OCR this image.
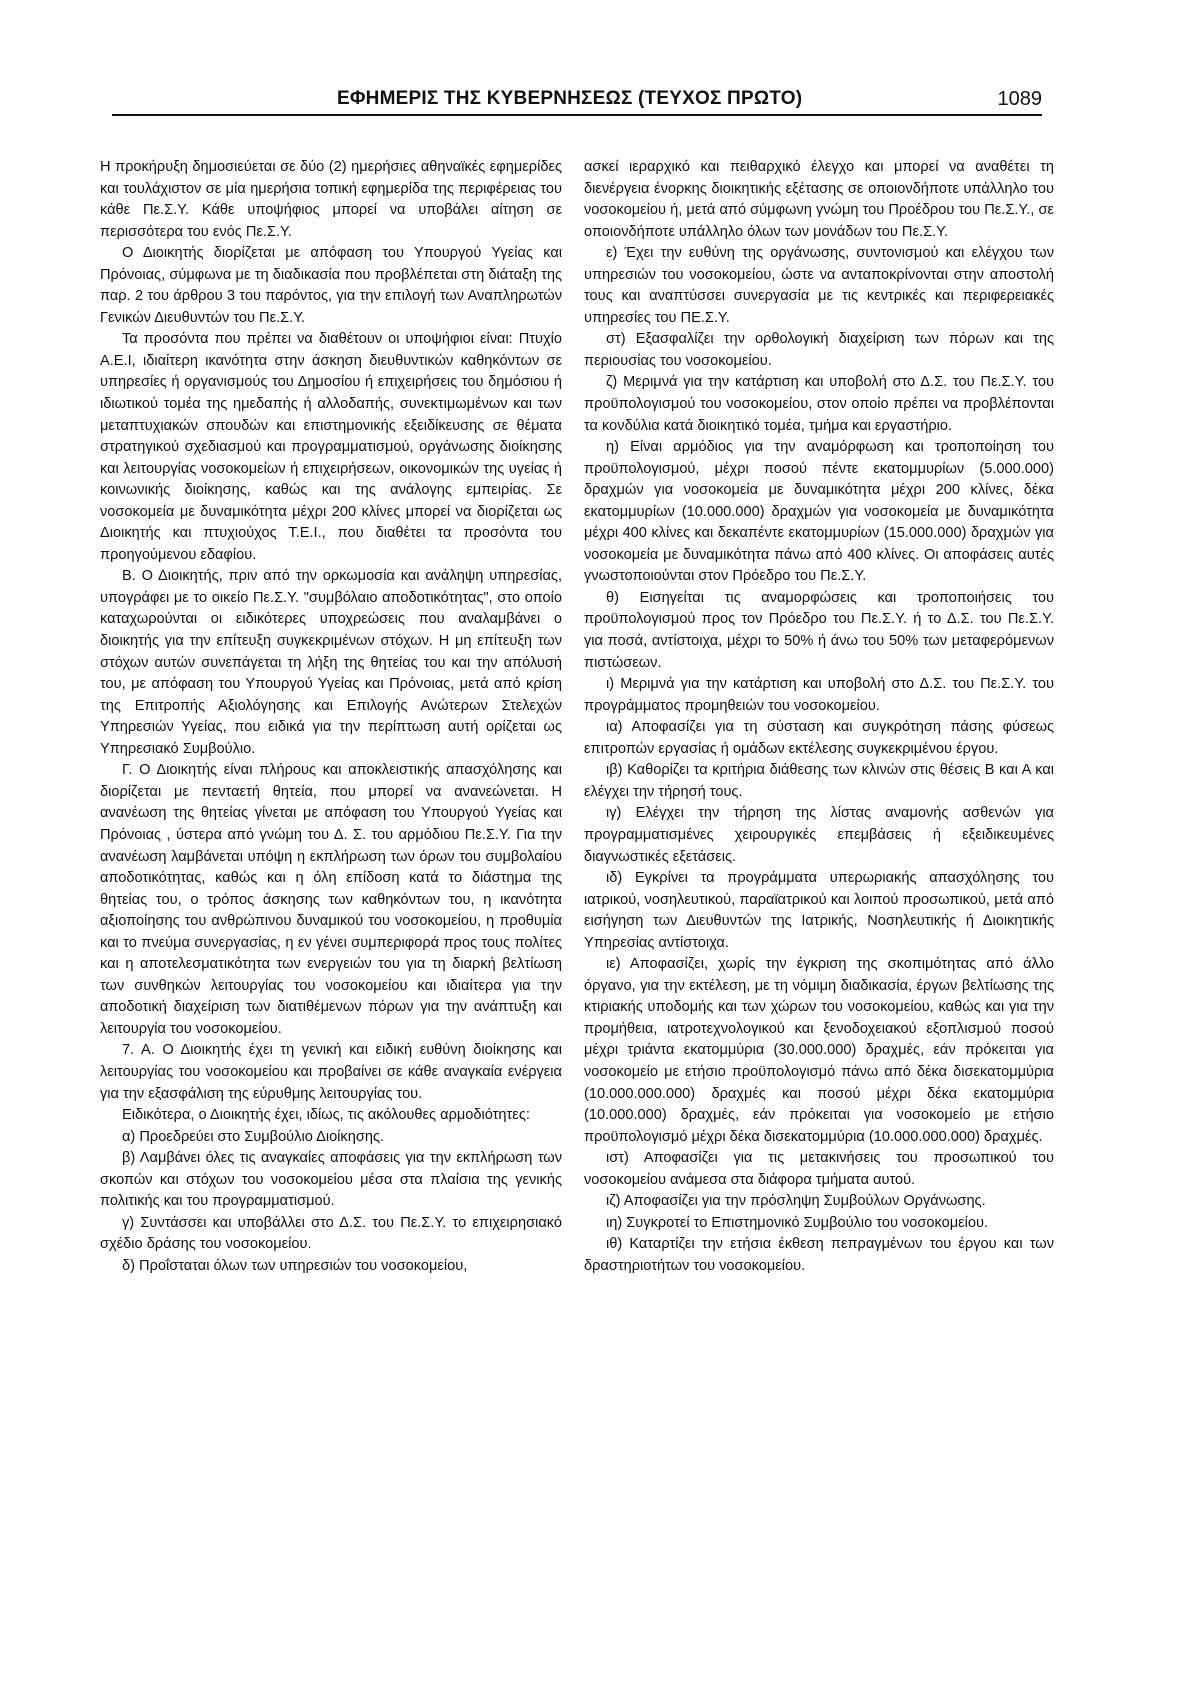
ΕΦΗΜΕΡΙΣ ΤΗΣ ΚΥΒΕΡΝΗΣΕΩΣ (ΤΕΥΧΟΣ ΠΡΩΤΟ)	1089

Η προκήρυξη δημοσιεύεται σε δύο (2) ημερήσιες αθηναϊκές εφημερίδες και τουλάχιστον σε μία ημερήσια τοπική εφημερίδα της περιφέρειας του κάθε Πε.Σ.Υ. Κάθε υποψήφιος μπορεί να υποβάλει αίτηση σε περισσότερα του ενός Πε.Σ.Υ.

Ο Διοικητής διορίζεται με απόφαση του Υπουργού Υγείας και Πρόνοιας, σύμφωνα με τη διαδικασία που προβλέπεται στη διάταξη της παρ. 2 του άρθρου 3 του παρόντος, για την επιλογή των Αναπληρωτών Γενικών Διευθυντών του Πε.Σ.Υ.

Τα προσόντα που πρέπει να διαθέτουν οι υποψήφιοι είναι: Πτυχίο Α.Ε.Ι, ιδιαίτερη ικανότητα στην άσκηση διευθυντικών καθηκόντων σε υπηρεσίες ή οργανισμούς του Δημοσίου ή επιχειρήσεις του δημόσιου ή ιδιωτικού τομέα της ημεδαπής ή αλλοδαπής, συνεκτιμωμένων και των μεταπτυχιακών σπουδών και επιστημονικής εξειδίκευσης σε θέματα στρατηγικού σχεδιασμού και προγραμματισμού, οργάνωσης διοίκησης και λειτουργίας νοσοκομείων ή επιχειρήσεων, οικονομικών της υγείας ή κοινωνικής διοίκησης, καθώς και της ανάλογης εμπειρίας. Σε νοσοκομεία με δυναμικότητα μέχρι 200 κλίνες μπορεί να διορίζεται ως Διοικητής και πτυχιούχος Τ.Ε.Ι., που διαθέτει τα προσόντα του προηγούμενου εδαφίου.

Β. Ο Διοικητής, πριν από την ορκωμοσία και ανάληψη υπηρεσίας, υπογράφει με το οικείο Πε.Σ.Υ. "συμβόλαιο αποδοτικότητας", στο οποίο καταχωρούνται οι ειδικότερες υποχρεώσεις που αναλαμβάνει ο διοικητής για την επίτευξη συγκεκριμένων στόχων. Η μη επίτευξη των στόχων αυτών συνεπάγεται τη λήξη της θητείας του και την απόλυσή του, με απόφαση του Υπουργού Υγείας και Πρόνοιας, μετά από κρίση της Επιτροπής Αξιολόγησης και Επιλογής Ανώτερων Στελεχών Υπηρεσιών Υγείας, που ειδικά για την περίπτωση αυτή ορίζεται ως Υπηρεσιακό Συμβούλιο.

Γ. Ο Διοικητής είναι πλήρους και αποκλειστικής απασχόλησης και διορίζεται με πενταετή θητεία, που μπορεί να ανανεώνεται. Η ανανέωση της θητείας γίνεται με απόφαση του Υπουργού Υγείας και Πρόνοιας , ύστερα από γνώμη του Δ. Σ. του αρμόδιου Πε.Σ.Υ. Για την ανανέωση λαμβάνεται υπόψη η εκπλήρωση των όρων του συμβολαίου αποδοτικότητας, καθώς και η όλη επίδοση κατά το διάστημα της θητείας του, ο τρόπος άσκησης των καθηκόντων του, η ικανότητα αξιοποίησης του ανθρώπινου δυναμικού του νοσοκομείου, η προθυμία και το πνεύμα συνεργασίας, η εν γένει συμπεριφορά προς τους πολίτες και η αποτελεσματικότητα των ενεργειών του για τη διαρκή βελτίωση των συνθηκών λειτουργίας του νοσοκομείου και ιδιαίτερα για την αποδοτική διαχείριση των διατιθέμενων πόρων για την ανάπτυξη και λειτουργία του νοσοκομείου.

7. Α. Ο Διοικητής έχει τη γενική και ειδική ευθύνη διοίκησης και λειτουργίας του νοσοκομείου και προβαίνει σε κάθε αναγκαία ενέργεια για την εξασφάλιση της εύρυθμης λειτουργίας του.

Ειδικότερα, ο Διοικητής έχει, ιδίως, τις ακόλουθες αρμοδιότητες:

α) Προεδρεύει στο Συμβούλιο Διοίκησης.

β) Λαμβάνει όλες τις αναγκαίες αποφάσεις για την εκπλήρωση των σκοπών και στόχων του νοσοκομείου μέσα στα πλαίσια της γενικής πολιτικής και του προγραμματισμού.

γ) Συντάσσει και υποβάλλει στο Δ.Σ. του Πε.Σ.Υ. το επιχειρησιακό σχέδιο δράσης του νοσοκομείου.

δ) Προΐσταται όλων των υπηρεσιών του νοσοκομείου,

ασκεί ιεραρχικό και πειθαρχικό έλεγχο και μπορεί να αναθέτει τη διενέργεια ένορκης διοικητικής εξέτασης σε οποιονδήποτε υπάλληλο του νοσοκομείου ή, μετά από σύμφωνη γνώμη του Προέδρου του Πε.Σ.Υ., σε οποιονδήποτε υπάλληλο όλων των μονάδων του Πε.Σ.Υ.

ε) Έχει την ευθύνη της οργάνωσης, συντονισμού και ελέγχου των υπηρεσιών του νοσοκομείου, ώστε να ανταποκρίνονται στην αποστολή τους και αναπτύσσει συνεργασία με τις κεντρικές και περιφερειακές υπηρεσίες του ΠΕ.Σ.Υ.

στ) Εξασφαλίζει την ορθολογική διαχείριση των πόρων και της περιουσίας του νοσοκομείου.

ζ) Μεριμνά για την κατάρτιση και υποβολή στο Δ.Σ. του Πε.Σ.Υ. του προϋπολογισμού του νοσοκομείου, στον οποίο πρέπει να προβλέπονται τα κονδύλια κατά διοικητικό τομέα, τμήμα και εργαστήριο.

η) Είναι αρμόδιος για την αναμόρφωση και τροποποίηση του προϋπολογισμού, μέχρι ποσού πέντε εκατομμυρίων (5.000.000) δραχμών για νοσοκομεία με δυναμικότητα μέχρι 200 κλίνες, δέκα εκατομμυρίων (10.000.000) δραχμών για νοσοκομεία με δυναμικότητα μέχρι 400 κλίνες και δεκαπέντε εκατομμυρίων (15.000.000) δραχμών για νοσοκομεία με δυναμικότητα πάνω από 400 κλίνες. Οι αποφάσεις αυτές γνωστοποιούνται στον Πρόεδρο του Πε.Σ.Υ.

θ) Εισηγείται τις αναμορφώσεις και τροποποιήσεις του προϋπολογισμού προς τον Πρόεδρο του Πε.Σ.Υ. ή το Δ.Σ. του Πε.Σ.Υ. για ποσά, αντίστοιχα, μέχρι το 50% ή άνω του 50% των μεταφερόμενων πιστώσεων.

ι) Μεριμνά για την κατάρτιση και υποβολή στο Δ.Σ. του Πε.Σ.Υ. του προγράμματος προμηθειών του νοσοκομείου.

ια) Αποφασίζει για τη σύσταση και συγκρότηση πάσης φύσεως επιτροπών εργασίας ή ομάδων εκτέλεσης συγκεκριμένου έργου.

ιβ) Καθορίζει τα κριτήρια διάθεσης των κλινών στις θέσεις Β και Α και ελέγχει την τήρησή τους.

ιγ) Ελέγχει την τήρηση της λίστας αναμονής ασθενών για προγραμματισμένες χειρουργικές επεμβάσεις ή εξειδικευμένες διαγνωστικές εξετάσεις.

ιδ) Εγκρίνει τα προγράμματα υπερωριακής απασχόλησης του ιατρικού, νοσηλευτικού, παραϊατρικού και λοιπού προσωπικού, μετά από εισήγηση των Διευθυντών της Ιατρικής, Νοσηλευτικής ή Διοικητικής Υπηρεσίας αντίστοιχα.

ιε) Αποφασίζει, χωρίς την έγκριση της σκοπιμότητας από άλλο όργανο, για την εκτέλεση, με τη νόμιμη διαδικασία, έργων βελτίωσης της κτιριακής υποδομής και των χώρων του νοσοκομείου, καθώς και για την προμήθεια, ιατροτεχνολογικού και ξενοδοχειακού εξοπλισμού ποσού μέχρι τριάντα εκατομμύρια (30.000.000) δραχμές, εάν πρόκειται για νοσοκομείο με ετήσιο προϋπολογισμό πάνω από δέκα δισεκατομμύρια (10.000.000.000) δραχμές και ποσού μέχρι δέκα εκατομμύρια (10.000.000) δραχμές, εάν πρόκειται για νοσοκομείο με ετήσιο προϋπολογισμό μέχρι δέκα δισεκατομμύρια (10.000.000.000) δραχμές.

ιστ) Αποφασίζει για τις μετακινήσεις του προσωπικού του νοσοκομείου ανάμεσα στα διάφορα τμήματα αυτού.

ιζ) Αποφασίζει για την πρόσληψη Συμβούλων Οργάνωσης.

ιη) Συγκροτεί το Επιστημονικό Συμβούλιο του νοσοκομείου.

ιθ) Καταρτίζει την ετήσια έκθεση πεπραγμένων του έργου και των δραστηριοτήτων του νοσοκομείου.
